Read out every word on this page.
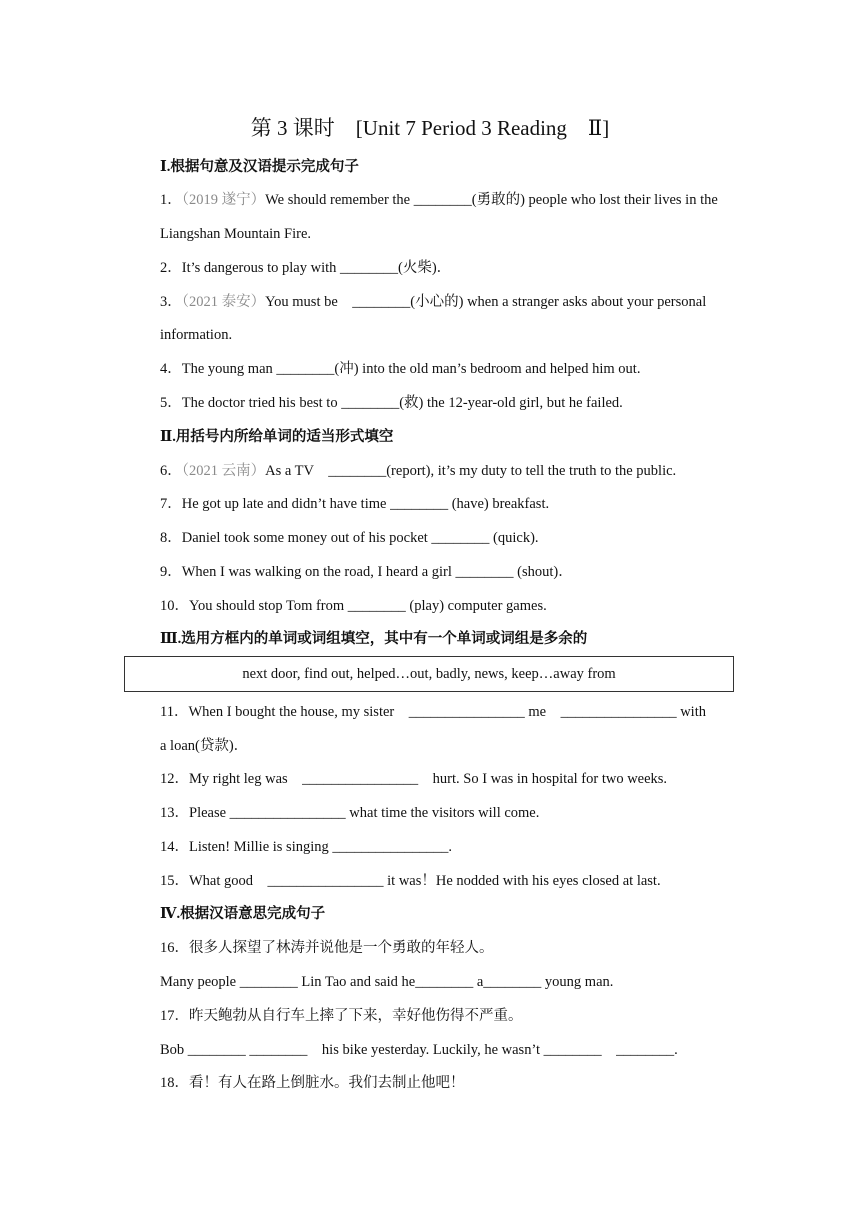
第 3 课时　[Unit 7 Period 3 Reading　Ⅱ]
Ⅰ.根据句意及汉语提示完成句子
1．（2019 遂宁）We should remember the ________(勇敢的) people who lost their lives in the
Liangshan Mountain Fire.
2．It’s dangerous to play with ________(火柴)．
3．（2021 泰安）You must be　________(小心的) when a stranger asks about your personal
information.
4．The young man ________(冲) into the old man’s bedroom and helped him out.
5．The doctor tried his best to ________(救) the 12-year-old girl, but he failed.
Ⅱ.用括号内所给单词的适当形式填空
6．（2021 云南）As a TV　________(report), it’s my duty to tell the truth to the public.
7．He got up late and didn’t have time ________ (have) breakfast.
8．Daniel took some money out of his pocket ________ (quick).
9．When I was walking on the road, I heard a girl ________ (shout)．
10．You should stop Tom from ________ (play) computer games.
Ⅲ.选用方框内的单词或词组填空，其中有一个单词或词组是多余的
next door, find out, helped…out, badly, news, keep…away from
11．When I bought the house, my sister　________________ me　________________ with
a loan(贷款)．
12．My right leg was　________________　hurt. So I was in hospital for two weeks.
13．Please ________________ what time the visitors will come.
14．Listen! Millie is singing ________________.
15．What good　________________ it was！He nodded with his eyes closed at last.
Ⅳ.根据汉语意思完成句子
16．很多人探望了林涛并说他是一个勇敢的年轻人。
Many people ________ Lin Tao and said he________ a________ young man.
17．昨天鲍勃从自行车上摔了下来，幸好他伤得不严重。
Bob ________ ________　his bike yesterday. Luckily, he wasn’t ________　________.
18．看！有人在路上倒脏水。我们去制止他吧！
